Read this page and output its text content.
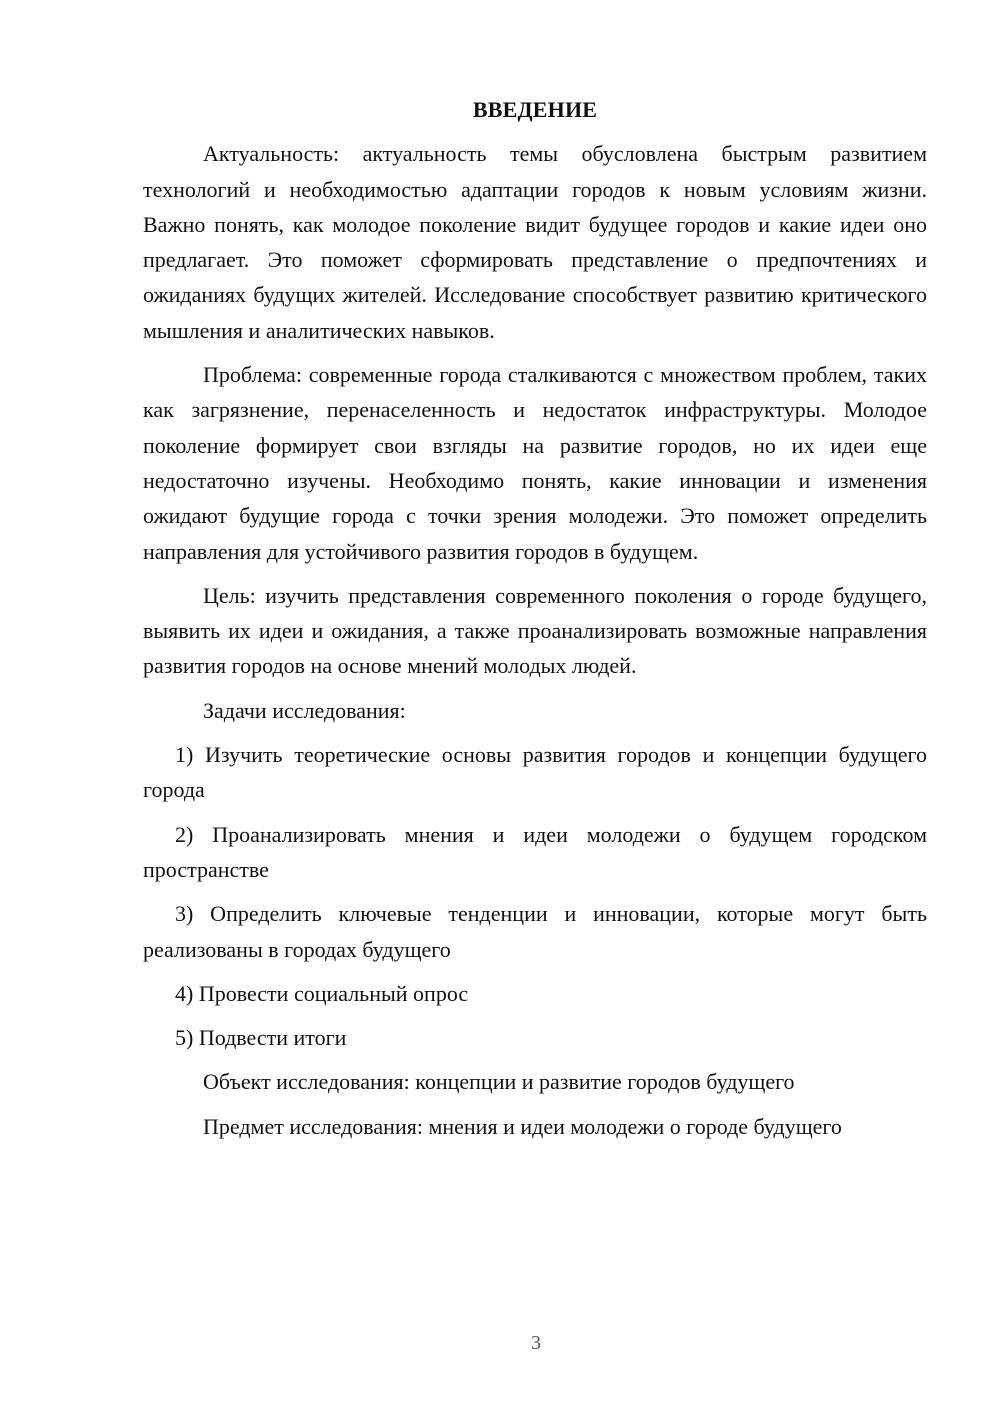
ВВЕДЕНИЕ

Актуальность: актуальность темы обусловлена быстрым развитием технологий и необходимостью адаптации городов к новым условиям жизни. Важно понять, как молодое поколение видит будущее городов и какие идеи оно предлагает. Это поможет сформировать представление о предпочтениях и ожиданиях будущих жителей. Исследование способствует развитию критического мышления и аналитических навыков.

Проблема: современные города сталкиваются с множеством проблем, таких как загрязнение, перенаселенность и недостаток инфраструктуры. Молодое поколение формирует свои взгляды на развитие городов, но их идеи еще недостаточно изучены. Необходимо понять, какие инновации и изменения ожидают будущие города с точки зрения молодежи. Это поможет определить направления для устойчивого развития городов в будущем.

Цель: изучить представления современного поколения о городе будущего, выявить их идеи и ожидания, а также проанализировать возможные направления развития городов на основе мнений молодых людей.

Задачи исследования:

1) Изучить теоретические основы развития городов и концепции будущего города

2) Проанализировать мнения и идеи молодежи о будущем городском пространстве

3) Определить ключевые тенденции и инновации, которые могут быть реализованы в городах будущего

4) Провести социальный опрос

5) Подвести итоги

Объект исследования: концепции и развитие городов будущего

Предмет исследования: мнения и идеи молодежи о городе будущего

3
